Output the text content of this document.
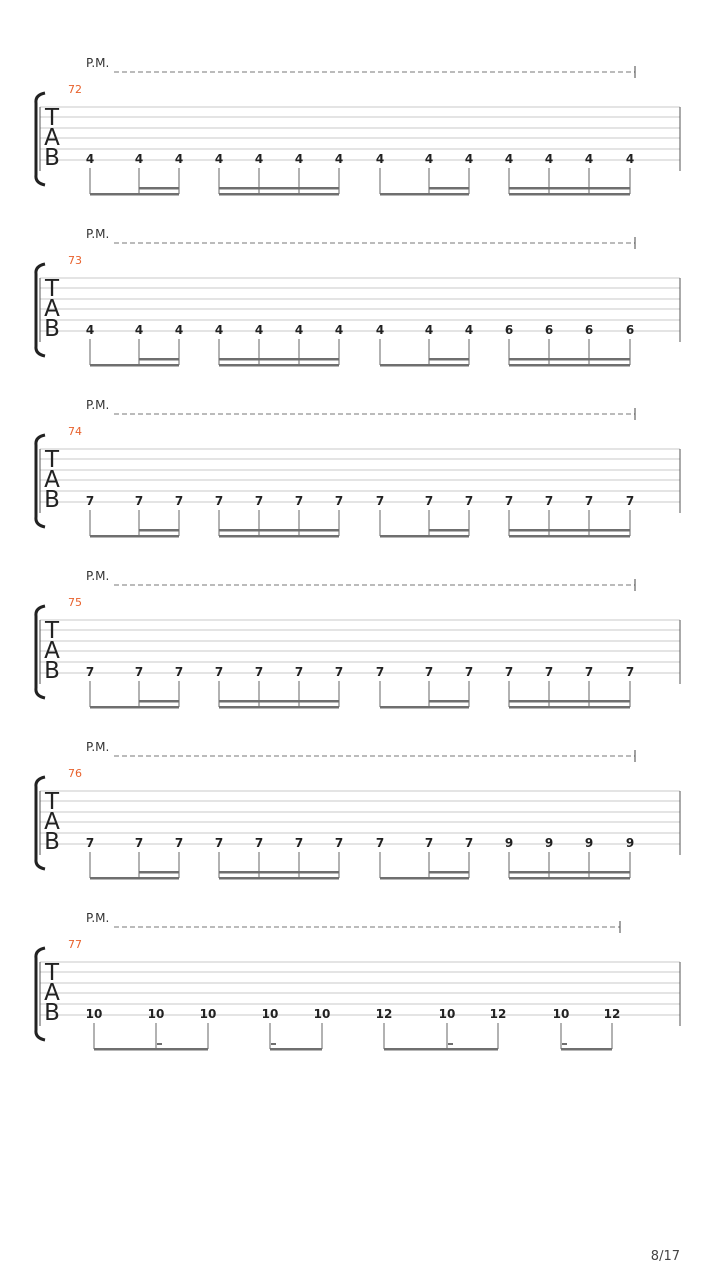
P.M.
72
T
A
B 4	4	4	4	4	4	4	4	4	4	4	4	4	4
P.M.
73
T
A
B 4	4	4	4	4	4	4	4	4	4	6	6	6	6
P.M.
74
T
A
B 7	7	7	7	7	7	7	7	7	7	7	7	7	7
P.M.
75
T
A
B 7	7	7	7	7	7	7	7	7	7	7	7	7	7
P.M.
76
T
A
B 7	7	7	7	7	7	7	7	7	7	9	9	9	9
P.M.
77
T
A
B 10	10	10	10	10	12	10	12	10	12
8/17
